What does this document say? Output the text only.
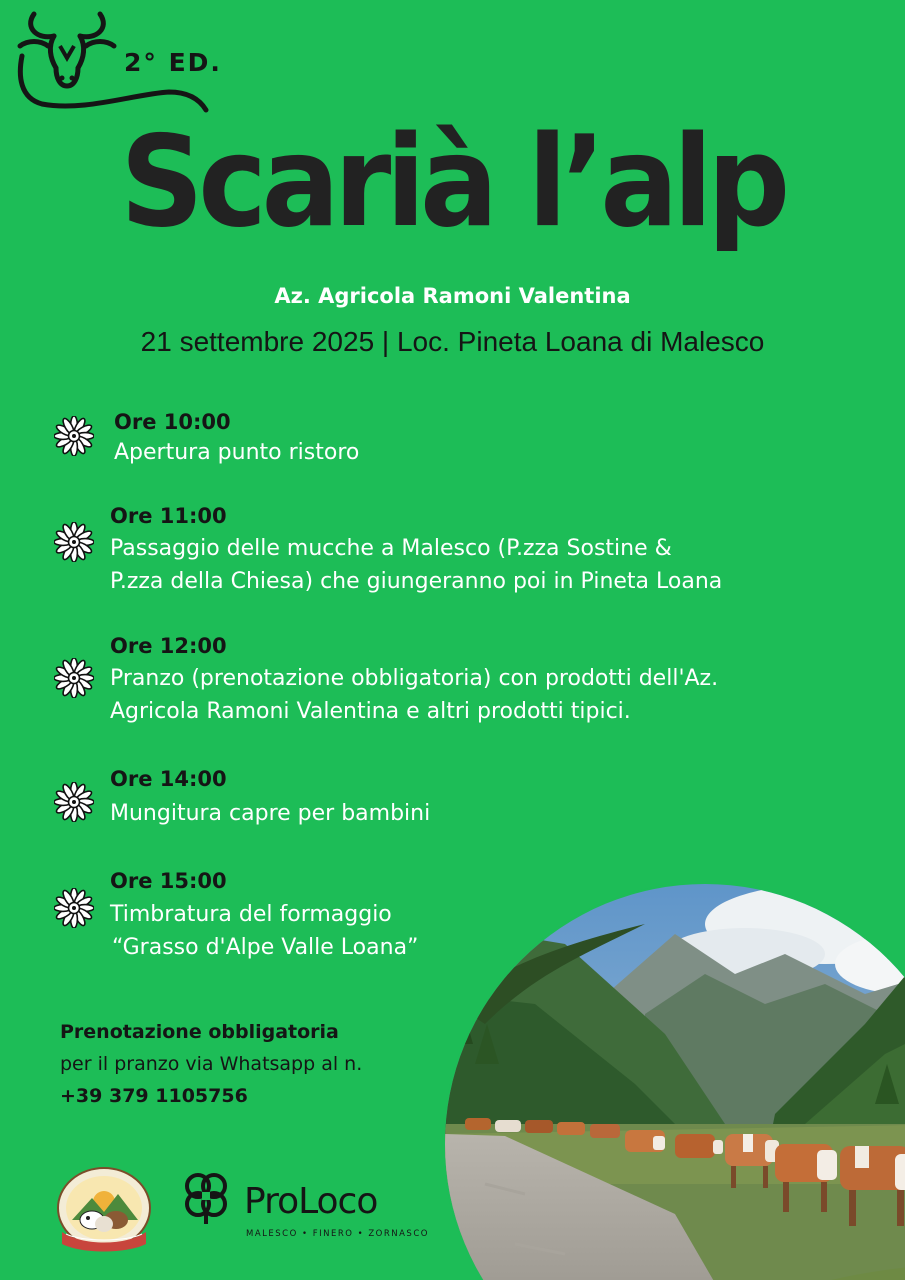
2° ED.
Scarià l’alp
Az. Agricola Ramoni Valentina
21 settembre 2025 | Loc. Pineta Loana di Malesco
Ore 10:00
Apertura punto ristoro
Ore 11:00
Passaggio delle mucche a Malesco (P.zza Sostine &
P.zza della Chiesa) che giungeranno poi in Pineta Loana
Ore 12:00
Pranzo (prenotazione obbligatoria) con prodotti dell'Az.
Agricola Ramoni Valentina e altri prodotti tipici.
Ore 14:00
Mungitura capre per bambini
Ore 15:00
Timbratura del formaggio
“Grasso d'Alpe Valle Loana”
Prenotazione obbligatoria
per il pranzo via Whatsapp al n.
+39 379 1105756
ProLoco
MALESCO • FINERO • ZORNASCO
